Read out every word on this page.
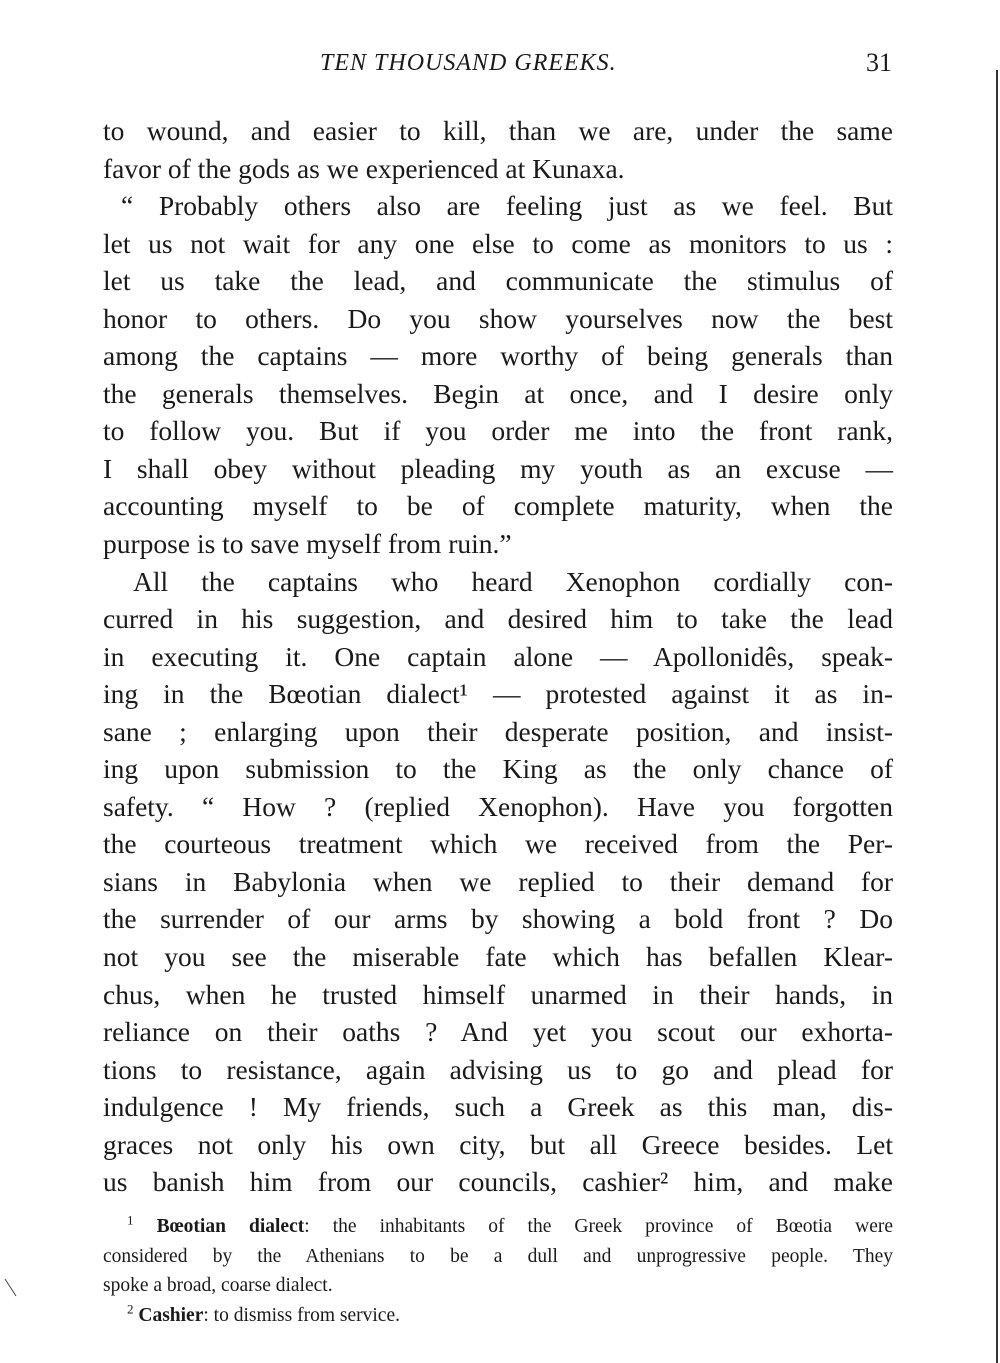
TEN THOUSAND GREEKS.	31
to wound, and easier to kill, than we are, under the same
favor of the gods as we experienced at Kunaxa.
“ Probably others also are feeling just as we feel. But
let us not wait for any one else to come as monitors to us :
let us take the lead, and communicate the stimulus of
honor to others. Do you show yourselves now the best
among the captains — more worthy of being generals than
the generals themselves. Begin at once, and I desire only
to follow you. But if you order me into the front rank,
I shall obey without pleading my youth as an excuse —
accounting myself to be of complete maturity, when the
purpose is to save myself from ruin.”
All the captains who heard Xenophon cordially con-
curred in his suggestion, and desired him to take the lead
in executing it. One captain alone — Apollonidês, speak-
ing in the Bœotian dialect¹ — protested against it as in-
sane ; enlarging upon their desperate position, and insist-
ing upon submission to the King as the only chance of
safety. “ How ? (replied Xenophon). Have you forgotten
the courteous treatment which we received from the Per-
sians in Babylonia when we replied to their demand for
the surrender of our arms by showing a bold front ? Do
not you see the miserable fate which has befallen Klear-
chus, when he trusted himself unarmed in their hands, in
reliance on their oaths ? And yet you scout our exhorta-
tions to resistance, again advising us to go and plead for
indulgence ! My friends, such a Greek as this man, dis-
graces not only his own city, but all Greece besides. Let
us banish him from our councils, cashier² him, and make
$^1$ Bœotian dialect: the inhabitants of the Greek province of Bœotia were
considered by the Athenians to be a dull and unprogressive people. They
spoke a broad, coarse dialect.
$^2$ Cashier: to dismiss from service.
